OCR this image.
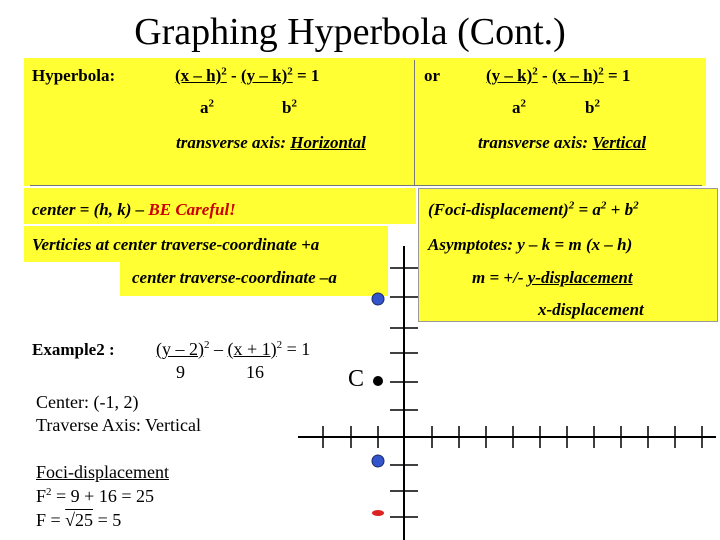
Graphing Hyperbola (Cont.)
Hyperbola:	(x – h)$^2$ - (y – k)$^2$ = 1
$a^2$	$b^2$
transverse axis: Horizontal
or	(y – k)$^2$ - (x – h)$^2$ = 1
$a^2$	$b^2$
transverse axis: Vertical
center = (h, k) – BE Careful!
Verticies at center traverse-coordinate +a
center traverse-coordinate –a
(Foci-displacement)$^2$ = $a^2 + b^2$
Asymptotes: y – k = m (x – h)
m = +/- y-displacement
x-displacement
Example2 : $(y - 2)^2 - (x + 1)^2 = 1$
9	16
Center: (-1, 2)
Traverse Axis: Vertical
Foci-displacement
$F^2 = 9 + 16 = 25$
F = √25 = 5
C
